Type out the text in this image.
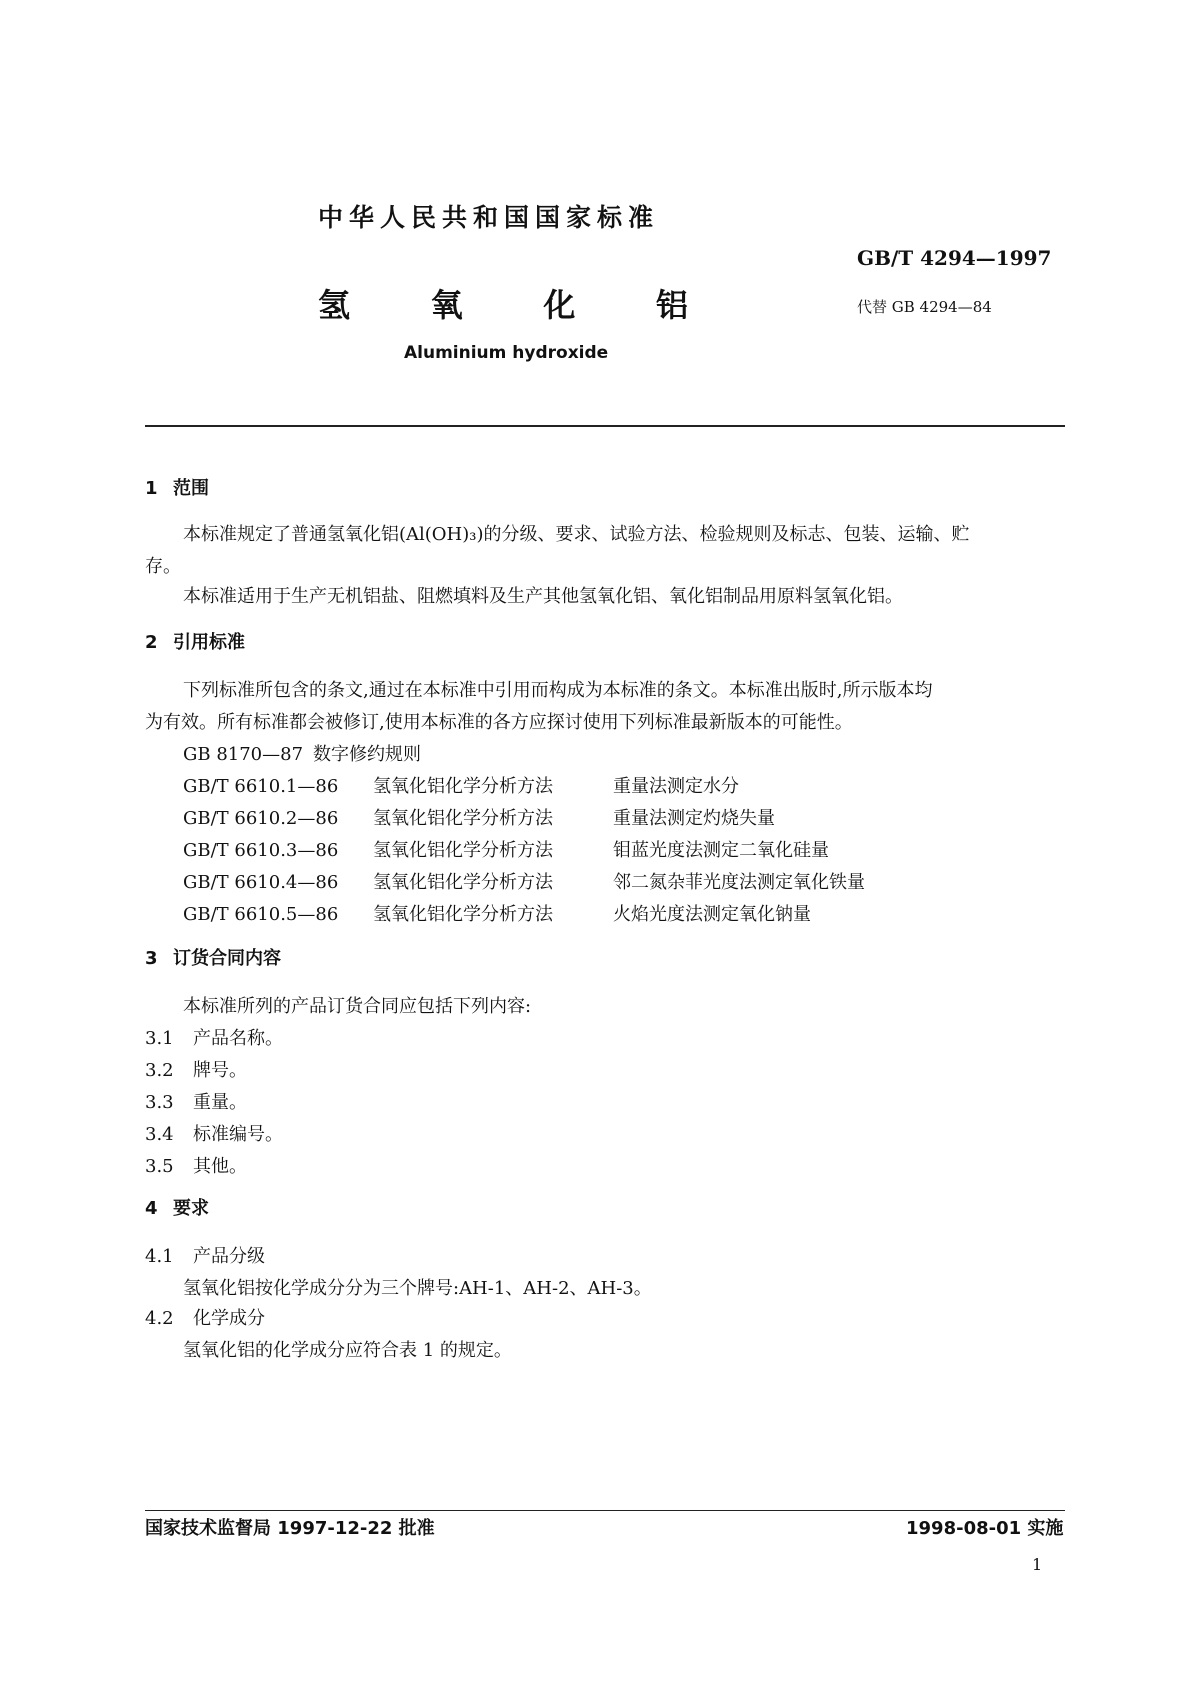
中华人民共和国国家标准
GB/T 4294—1997
氢	氧	化	铝	代替 GB 4294—84
Aluminium hydroxide
1 范围
本标准规定了普通氢氧化铝(Al(OH)₃)的分级、要求、试验方法、检验规则及标志、包装、运输、贮
存。
本标准适用于生产无机铝盐、阻燃填料及生产其他氢氧化铝、氧化铝制品用原料氢氧化铝。
2 引用标准
下列标准所包含的条文,通过在本标准中引用而构成为本标准的条文。本标准出版时,所示版本均
为有效。所有标准都会被修订,使用本标准的各方应探讨使用下列标准最新版本的可能性。
GB 8170—87 数字修约规则
GB/T 6610.1—86 氢氧化铝化学分析方法	重量法测定水分
GB/T 6610.2—86 氢氧化铝化学分析方法	重量法测定灼烧失量
GB/T 6610.3—86 氢氧化铝化学分析方法	钼蓝光度法测定二氧化硅量
GB/T 6610.4—86 氢氧化铝化学分析方法	邻二氮杂菲光度法测定氧化铁量
GB/T 6610.5—86 氢氧化铝化学分析方法	火焰光度法测定氧化钠量
3 订货合同内容
本标准所列的产品订货合同应包括下列内容:
3.1 产品名称。
3.2 牌号。
3.3 重量。
3.4 标准编号。
3.5 其他。
4 要求
4.1 产品分级
氢氧化铝按化学成分分为三个牌号:AH-1、AH-2、AH-3。
4.2 化学成分
氢氧化铝的化学成分应符合表 1 的规定。
国家技术监督局 1997-12-22 批准	1998-08-01 实施
1
